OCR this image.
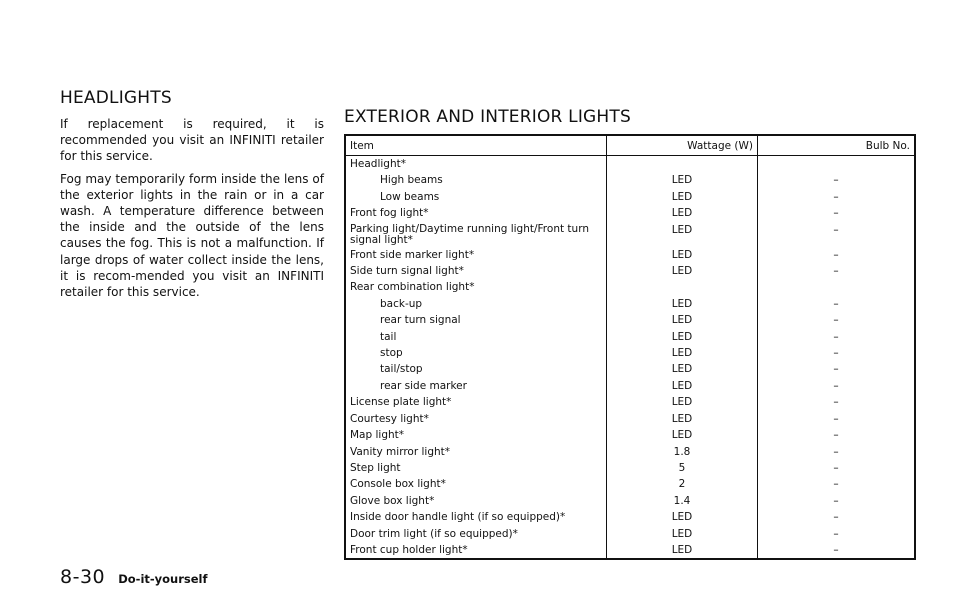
HEADLIGHTS

If replacement is required, it is recommended you visit an INFINITI retailer for this service.

Fog may temporarily form inside the lens of the exterior lights in the rain or in a car wash. A temperature difference between the inside and the outside of the lens causes the fog. This is not a malfunction. If large drops of water collect inside the lens, it is recom-mended you visit an INFINITI retailer for this service.

EXTERIOR AND INTERIOR LIGHTS
Item	Wattage (W)	Bulb No.
Headlight*		
High beams	LED	–
Low beams	LED	–
Front fog light*	LED	–
Parking light/Daytime running light/Front turn signal light*	LED	–
Front side marker light*	LED	–
Side turn signal light*	LED	–
Rear combination light*		
back-up	LED	–
rear turn signal	LED	–
tail	LED	–
stop	LED	–
tail/stop	LED	–
rear side marker	LED	–
License plate light*	LED	–
Courtesy light*	LED	–
Map light*	LED	–
Vanity mirror light*	1.8	–
Step light	5	–
Console box light*	2	–
Glove box light*	1.4	–
Inside door handle light (if so equipped)*	LED	–
Door trim light (if so equipped)*	LED	–
Front cup holder light*	LED	–
8-30 Do-it-yourself
